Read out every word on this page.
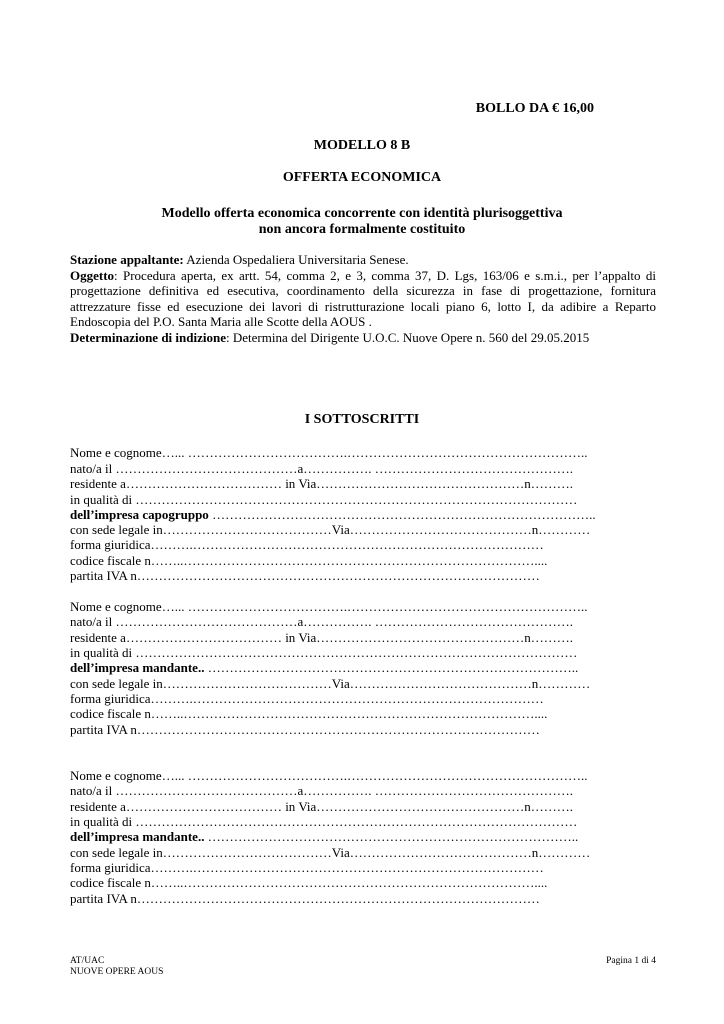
BOLLO DA € 16,00
MODELLO 8 B
OFFERTA ECONOMICA
Modello offerta economica concorrente con identità plurisoggettiva
non ancora formalmente costituito
Stazione appaltante: Azienda Ospedaliera Universitaria Senese.
Oggetto: Procedura aperta, ex artt. 54, comma 2, e 3, comma 37, D. Lgs, 163/06 e s.m.i., per l’appalto di progettazione definitiva ed esecutiva, coordinamento della sicurezza in fase di progettazione, fornitura attrezzature fisse ed esecuzione dei lavori di ristrutturazione locali piano 6, lotto I, da adibire a Reparto Endoscopia del P.O. Santa Maria alle Scotte della AOUS .
Determinazione di indizione: Determina del Dirigente U.O.C. Nuove Opere n. 560 del 29.05.2015
I SOTTOSCRITTI
Nome e cognome…... ……………………………….………………………………………………..
nato/a il ……………………………………a……………. ……………………………………….
residente a……………………………… in Via…………………………………………n……….
in qualità di …………………………………………………………………………………………
dell’impresa capogruppo ……………………………………………………………………………..
con sede legale in…………………………………Via……………………………………n…………
forma giuridica……….………………………………………………………………………
codice fiscale n……..………………………………………………………………………....
partita IVA n…………………………………………………………………………………
Nome e cognome…... ……………………………….………………………………………………..
nato/a il ……………………………………a……………. ……………………………………….
residente a……………………………… in Via…………………………………………n……….
in qualità di …………………………………………………………………………………………
dell’impresa mandante.. …………………………………………………………………………..
con sede legale in…………………………………Via……………………………………n…………
forma giuridica……….………………………………………………………………………
codice fiscale n……..………………………………………………………………………....
partita IVA n…………………………………………………………………………………
Nome e cognome…... ……………………………….………………………………………………..
nato/a il ……………………………………a……………. ……………………………………….
residente a……………………………… in Via…………………………………………n……….
in qualità di …………………………………………………………………………………………
dell’impresa mandante.. …………………………………………………………………………..
con sede legale in…………………………………Via……………………………………n…………
forma giuridica……….………………………………………………………………………
codice fiscale n……..………………………………………………………………………....
partita IVA n…………………………………………………………………………………
AT/UAC
NUOVE OPERE AOUS
Pagina 1 di 4
